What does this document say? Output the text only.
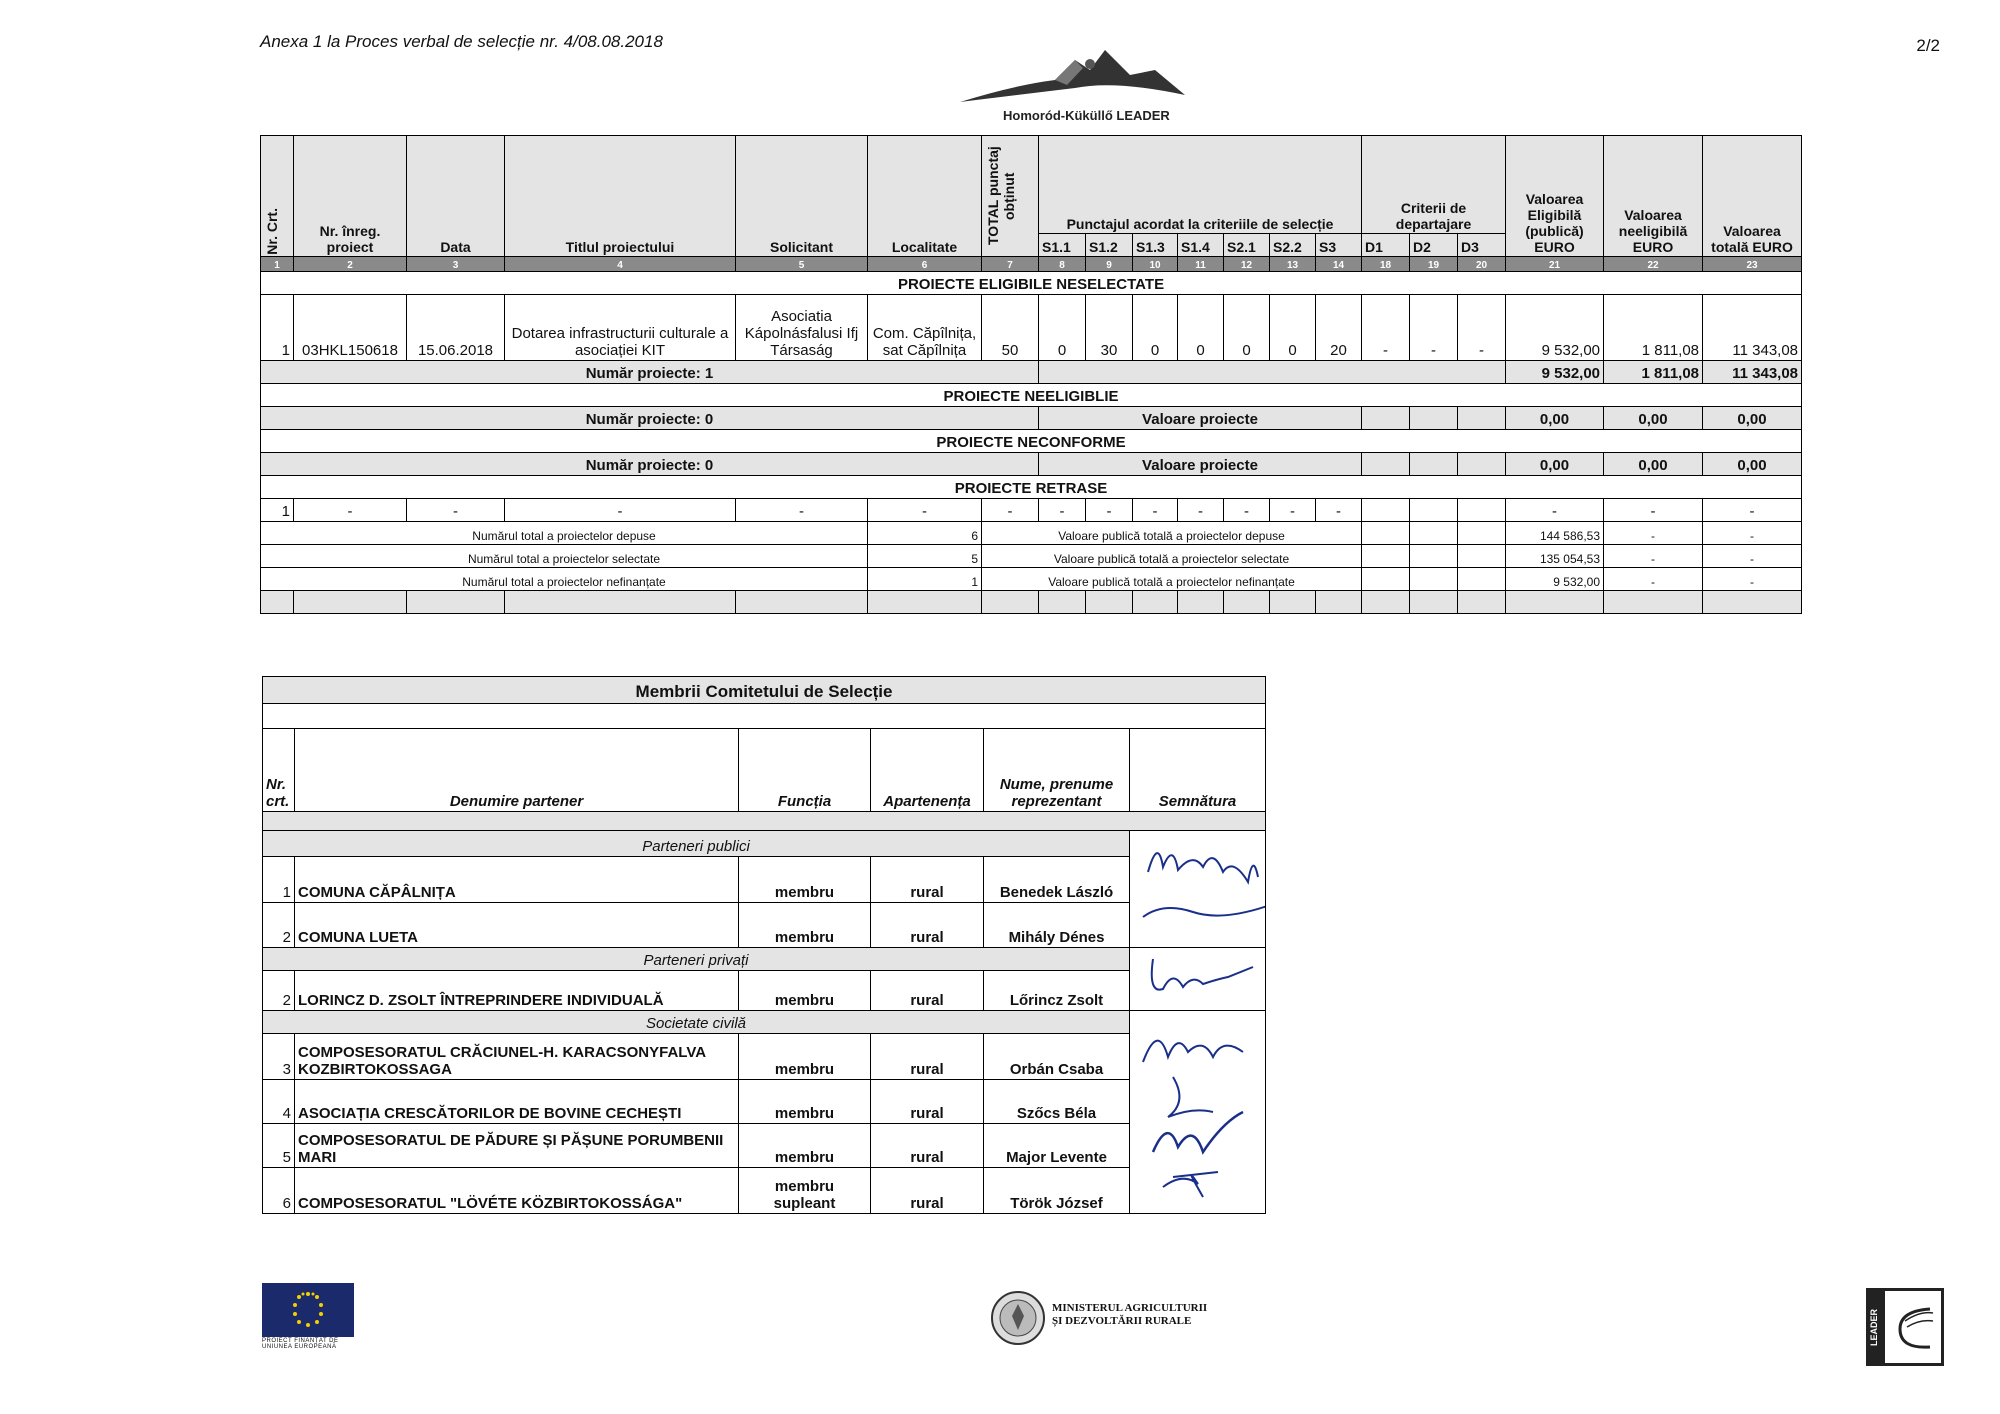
Anexa 1 la Proces verbal de selecție nr. 4/08.08.2018	2/2
Homoród-Küküllő LEADER
Nr. Crt.	Nr. înreg. proiect	Data	Titlul proiectului	Solicitant	Localitate	TOTAL punctaj obținut	Punctajul acordat la criteriile de selecție							Criterii de departajare			Valoarea Eligibilă (publică) EURO	Valoarea neeligibilă EURO	Valoarea totală EURO
							S1.1	S1.2	S1.3	S1.4	S2.1	S2.2	S3	D1	D2	D3			
1	2	3	4	5	6	7	8	9	10	11	12	13	14	18	19	20	21	22	23
PROIECTE ELIGIBILE NESELECTATE																			
1	03HKL150618	15.06.2018	Dotarea infrastructurii culturale a asociației KIT	Asociatia Kápolnásfalusi Ifj Társaság	Com. Căpîlnița, sat Căpîlnița	50	0	30	0	0	0	0	20	-	-	-	9 532,00	1 811,08	11 343,08
Număr proiecte: 1																	9 532,00	1 811,08	11 343,08
PROIECTE NEELIGIBLIE																			
Număr proiecte: 0							Valoare proiecte										0,00	0,00	0,00
PROIECTE NECONFORME																			
Număr proiecte: 0							Valoare proiecte										0,00	0,00	0,00
PROIECTE RETRASE																			
1	-	-	-	-	-	-	-	-	-	-	-	-	-				-	-	-
Numărul total a proiectelor depuse					6	Valoare publică totală a proiectelor depuse											144 586,53	-	-
Numărul total a proiectelor selectate					5	Valoare publică totală a proiectelor selectate											135 054,53	-	-
Numărul total a proiectelor nefinanțate					1	Valoare publică totală a proiectelor nefinanțate											9 532,00	-	-

Membrii Comitetului de Selecție					

Nr. crt.	Denumire partener	Funcția	Apartenența	Nume, prenume reprezentant	Semnătura

Parteneri publici	
1	COMUNA CĂPÂLNIȚA	membru	rural	Benedek László	
2	COMUNA LUETA	membru	rural	Mihály Dénes	
Parteneri privați	
2	LORINCZ D. ZSOLT ÎNTREPRINDERE INDIVIDUALĂ	membru	rural	Lőrincz Zsolt	
Societate civilă	
3	COMPOSESORATUL CRĂCIUNEL-H. KARACSONYFALVA KOZBIRTOKOSSAGA	membru	rural	Orbán Csaba	
4	ASOCIAȚIA CRESCĂTORILOR DE BOVINE CECHEȘTI	membru	rural	Szőcs Béla	
5	COMPOSESORATUL DE PĂDURE ȘI PĂȘUNE PORUMBENII MARI	membru	rural	Major Levente	
6	COMPOSESORATUL "LÖVÉTE KÖZBIRTOKOSSÁGA"	membru supleant	rural	Török József	
PROIECT FINANȚAT DE UNIUNEA EUROPEANĂ
MINISTERUL AGRICULTURII
ȘI DEZVOLTĂRII RURALE	LEADER
